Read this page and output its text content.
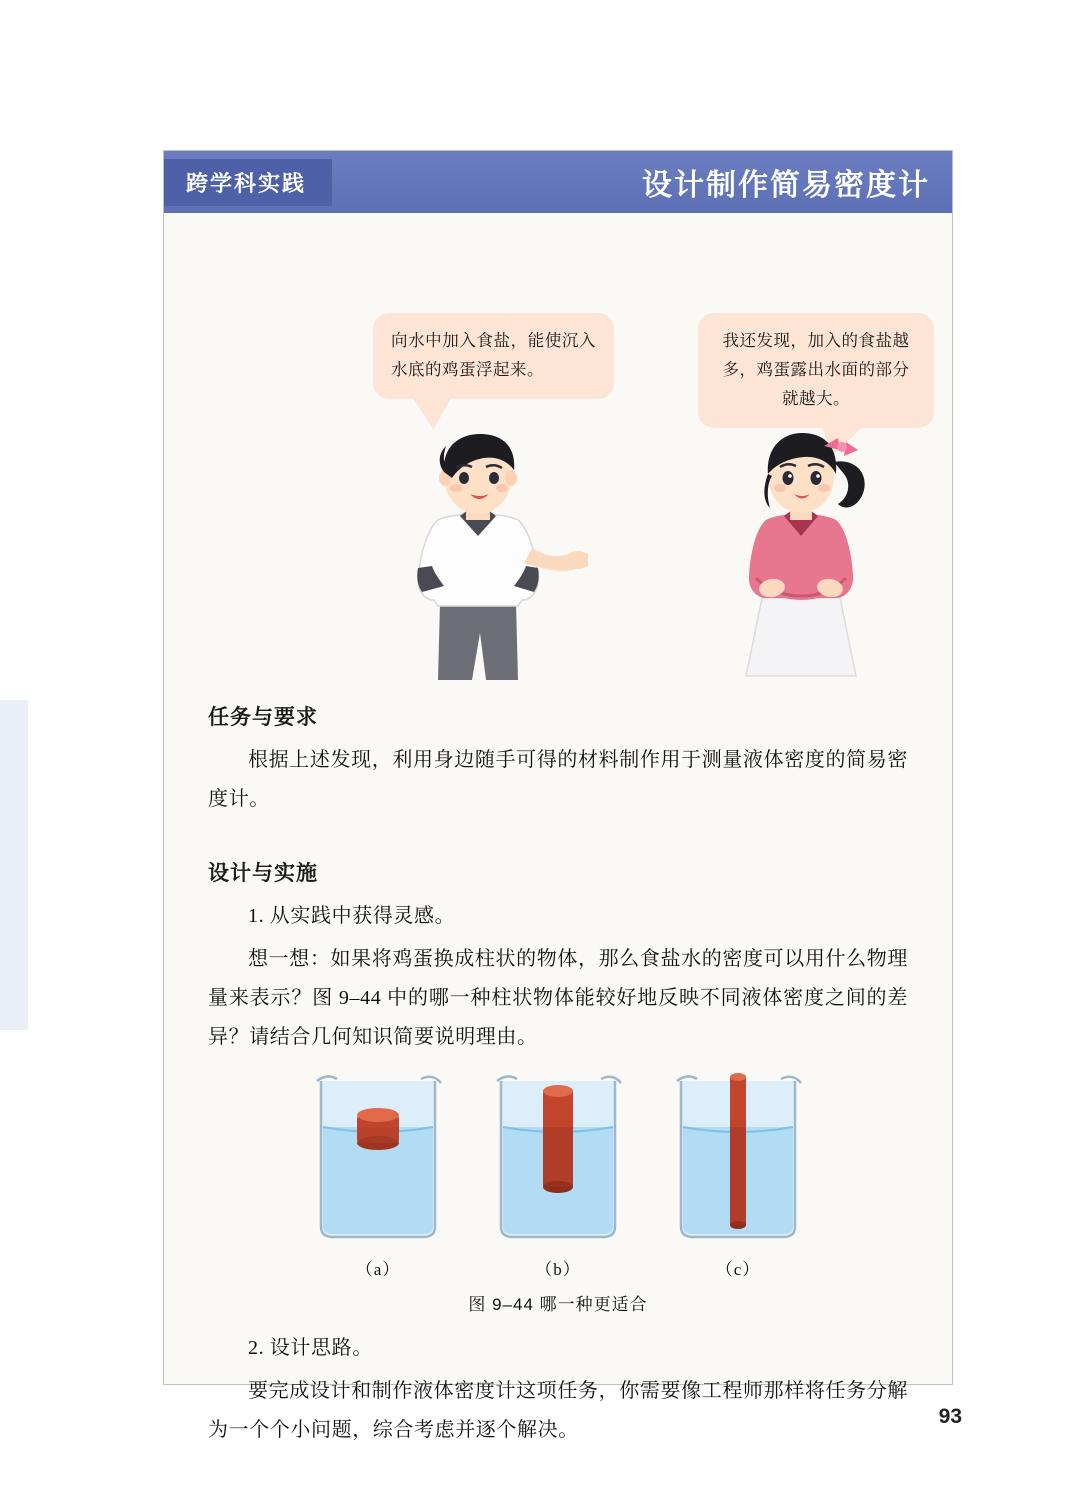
跨学科实践	设计制作简易密度计
向水中加入食盐，能使沉入水底的鸡蛋浮起来。
我还发现，加入的食盐越多，鸡蛋露出水面的部分就越大。
任务与要求

根据上述发现，利用身边随手可得的材料制作用于测量液体密度的简易密度计。

设计与实施

1. 从实践中获得灵感。

想一想：如果将鸡蛋换成柱状的物体，那么食盐水的密度可以用什么物理量来表示？图 9–44 中的哪一种柱状物体能较好地反映不同液体密度之间的差异？请结合几何知识简要说明理由。

（a）	（b）	（c）
图 9–44 哪一种更适合

2. 设计思路。

要完成设计和制作液体密度计这项任务，你需要像工程师那样将任务分解为一个个小问题，综合考虑并逐个解决。

93
